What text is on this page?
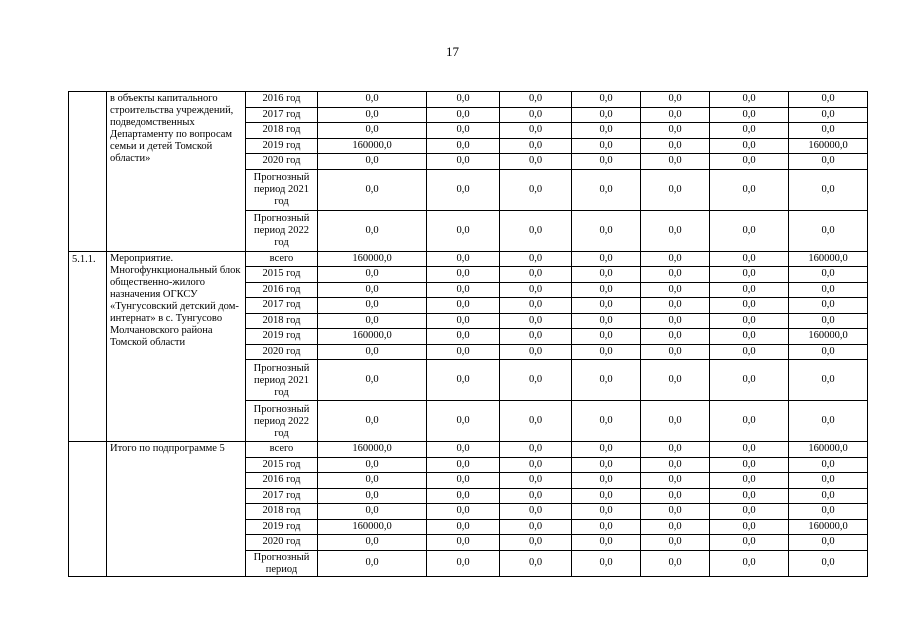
17
	в объекты капитального строительства учреждений, подведомственных Департаменту по вопросам семьи и детей Томской области»	2016 год	0,0	0,0	0,0	0,0	0,0	0,0	0,0
		2017 год	0,0	0,0	0,0	0,0	0,0	0,0	0,0
		2018 год	0,0	0,0	0,0	0,0	0,0	0,0	0,0
		2019 год	160000,0	0,0	0,0	0,0	0,0	0,0	160000,0
		2020 год	0,0	0,0	0,0	0,0	0,0	0,0	0,0
		Прогнозный период 2021 год	0,0	0,0	0,0	0,0	0,0	0,0	0,0
		Прогнозный период 2022 год	0,0	0,0	0,0	0,0	0,0	0,0	0,0
5.1.1.	Мероприятие. Многофункциональный блок общественно-жилого назначения ОГКСУ «Тунгусовский детский дом-интернат» в с. Тунгусово Молчановского района Томской области	всего	160000,0	0,0	0,0	0,0	0,0	0,0	160000,0
		2015 год	0,0	0,0	0,0	0,0	0,0	0,0	0,0
		2016 год	0,0	0,0	0,0	0,0	0,0	0,0	0,0
		2017 год	0,0	0,0	0,0	0,0	0,0	0,0	0,0
		2018 год	0,0	0,0	0,0	0,0	0,0	0,0	0,0
		2019 год	160000,0	0,0	0,0	0,0	0,0	0,0	160000,0
		2020 год	0,0	0,0	0,0	0,0	0,0	0,0	0,0
		Прогнозный период 2021 год	0,0	0,0	0,0	0,0	0,0	0,0	0,0
		Прогнозный период 2022 год	0,0	0,0	0,0	0,0	0,0	0,0	0,0
	Итого по подпрограмме 5	всего	160000,0	0,0	0,0	0,0	0,0	0,0	160000,0
		2015 год	0,0	0,0	0,0	0,0	0,0	0,0	0,0
		2016 год	0,0	0,0	0,0	0,0	0,0	0,0	0,0
		2017 год	0,0	0,0	0,0	0,0	0,0	0,0	0,0
		2018 год	0,0	0,0	0,0	0,0	0,0	0,0	0,0
		2019 год	160000,0	0,0	0,0	0,0	0,0	0,0	160000,0
		2020 год	0,0	0,0	0,0	0,0	0,0	0,0	0,0
		Прогнозный период	0,0	0,0	0,0	0,0	0,0	0,0	0,0
